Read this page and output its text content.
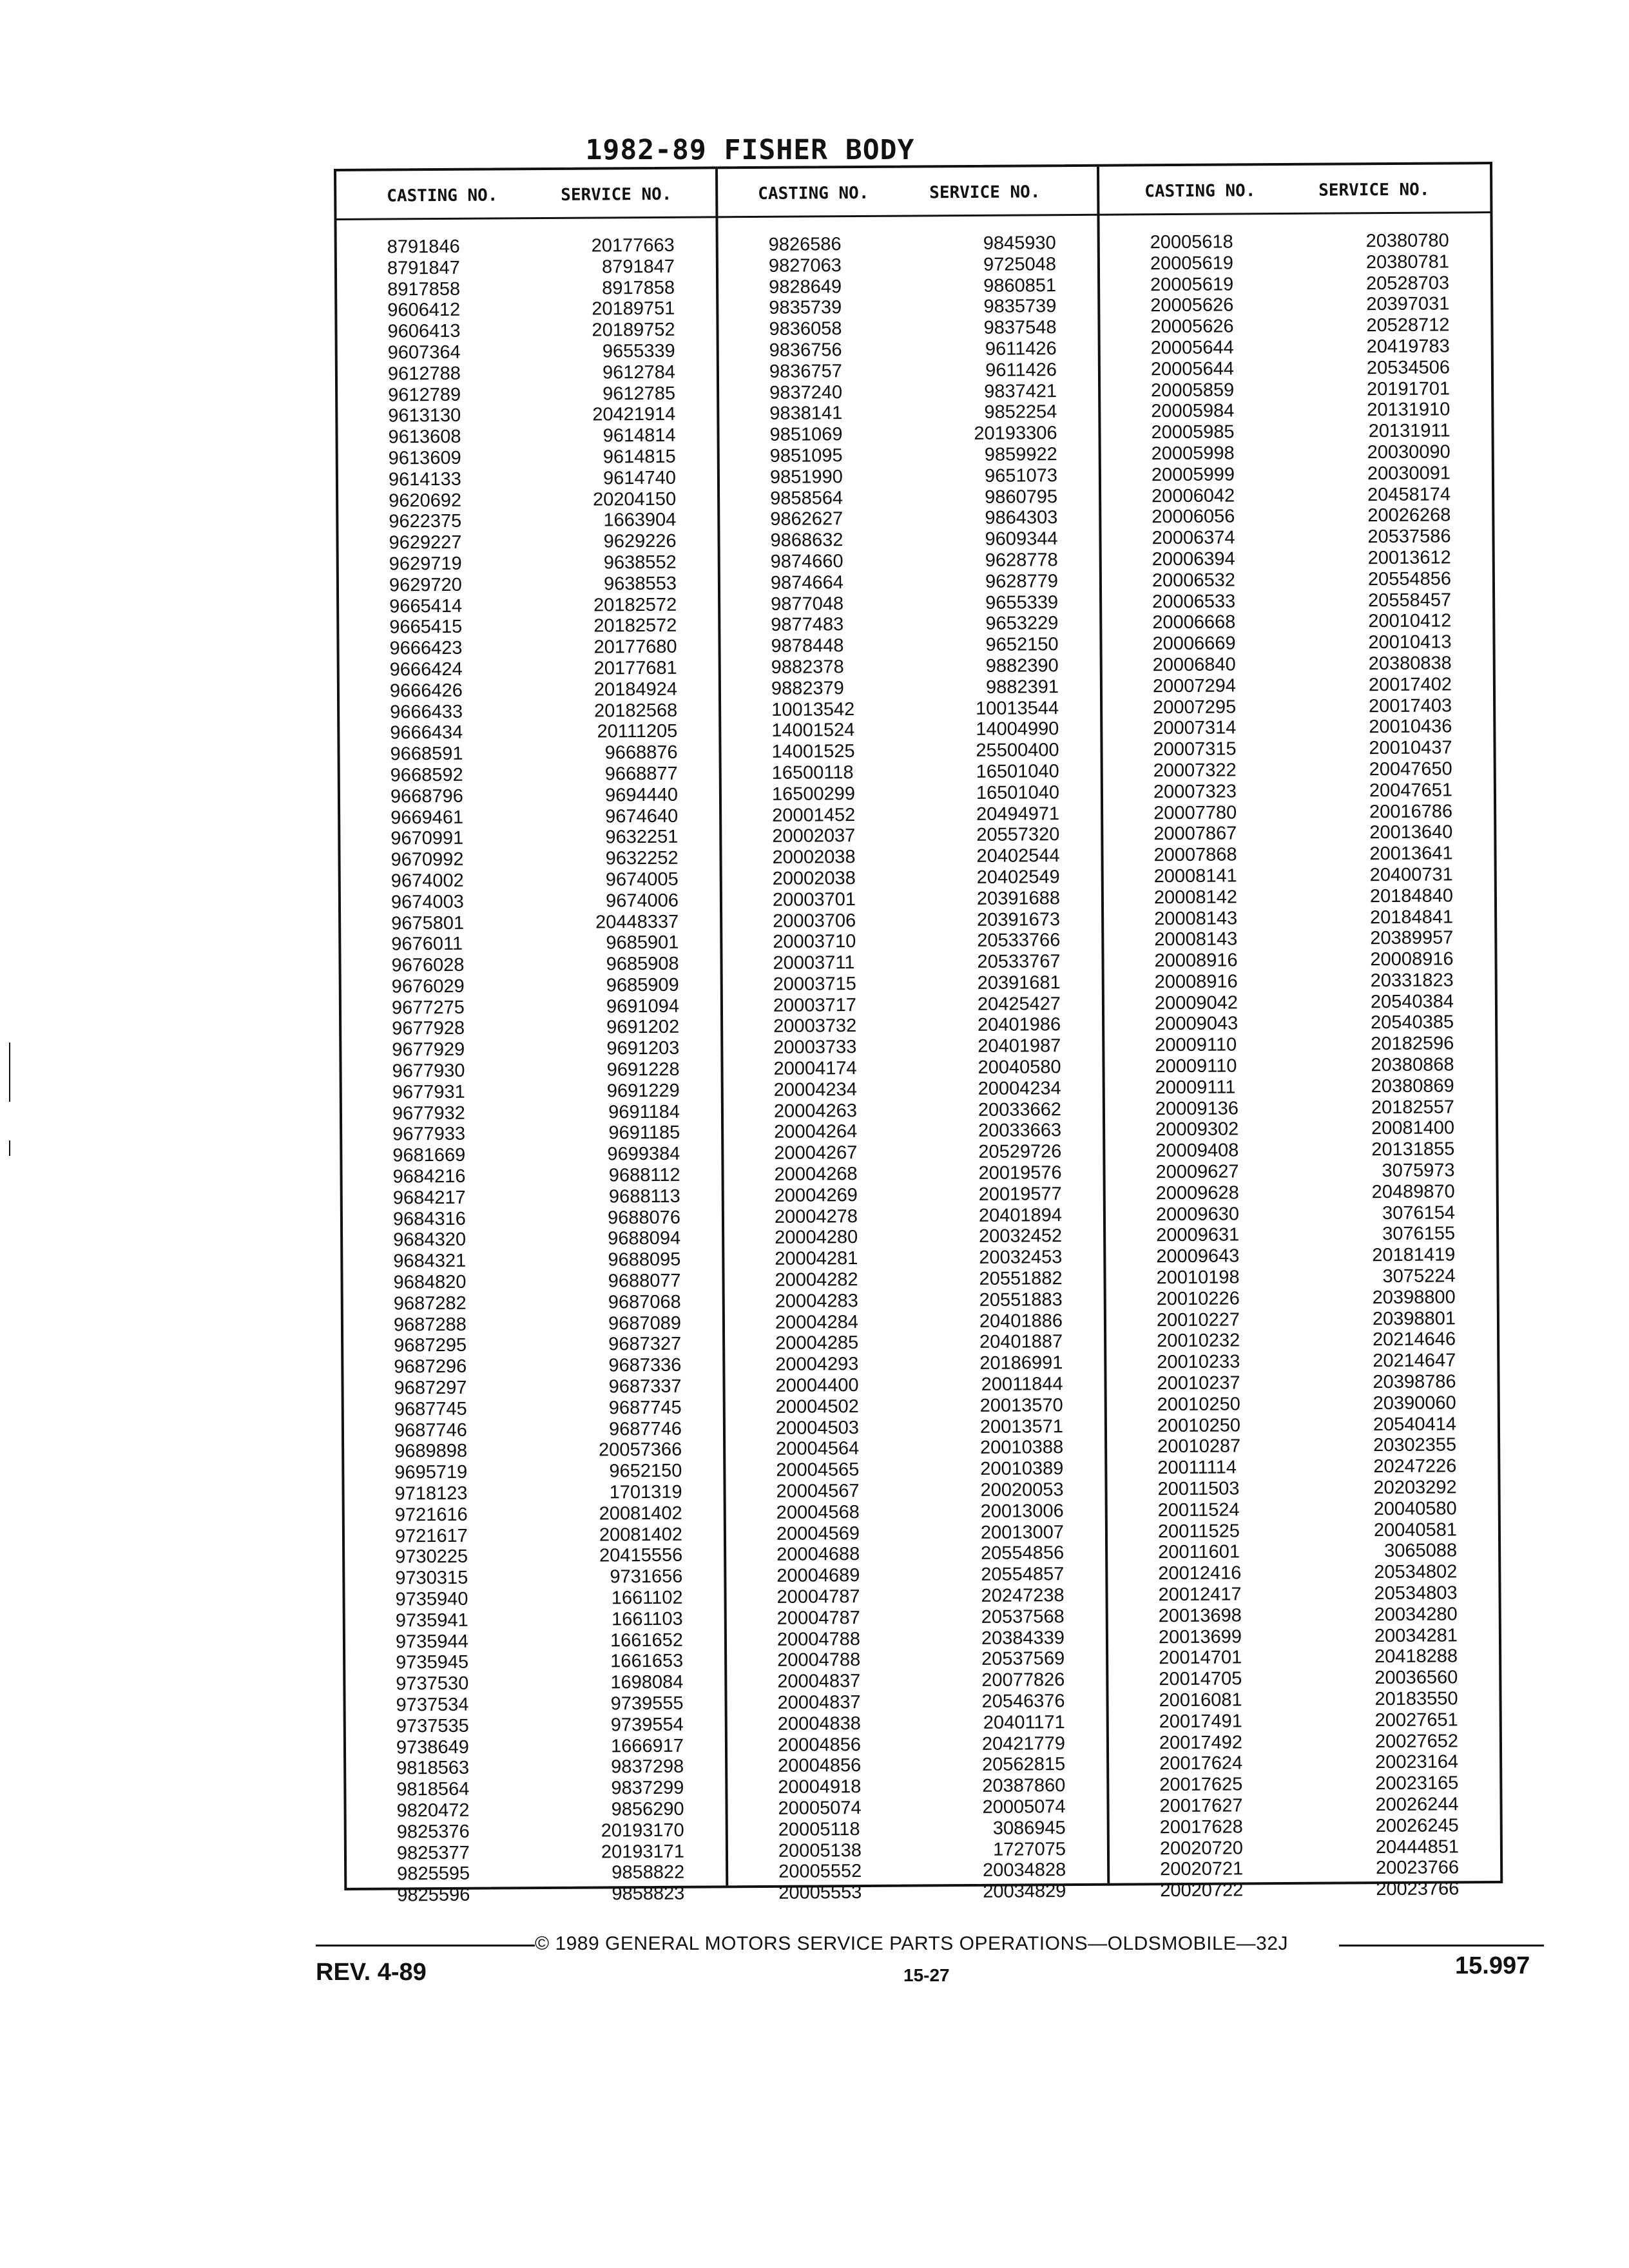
1982-89 FISHER BODY
CASTING NO.	SERVICE NO.
8791846	20177663
8791847	8791847
8917858	8917858
9606412	20189751
9606413	20189752
9607364	9655339
9612788	9612784
9612789	9612785
9613130	20421914
9613608	9614814
9613609	9614815
9614133	9614740
9620692	20204150
9622375	1663904
9629227	9629226
9629719	9638552
9629720	9638553
9665414	20182572
9665415	20182572
9666423	20177680
9666424	20177681
9666426	20184924
9666433	20182568
9666434	20111205
9668591	9668876
9668592	9668877
9668796	9694440
9669461	9674640
9670991	9632251
9670992	9632252
9674002	9674005
9674003	9674006
9675801	20448337
9676011	9685901
9676028	9685908
9676029	9685909
9677275	9691094
9677928	9691202
9677929	9691203
9677930	9691228
9677931	9691229
9677932	9691184
9677933	9691185
9681669	9699384
9684216	9688112
9684217	9688113
9684316	9688076
9684320	9688094
9684321	9688095
9684820	9688077
9687282	9687068
9687288	9687089
9687295	9687327
9687296	9687336
9687297	9687337
9687745	9687745
9687746	9687746
9689898	20057366
9695719	9652150
9718123	1701319
9721616	20081402
9721617	20081402
9730225	20415556
9730315	9731656
9735940	1661102
9735941	1661103
9735944	1661652
9735945	1661653
9737530	1698084
9737534	9739555
9737535	9739554
9738649	1666917
9818563	9837298
9818564	9837299
9820472	9856290
9825376	20193170
9825377	20193171
9825595	9858822
9825596	9858823
CASTING NO.	SERVICE NO.
9826586	9845930
9827063	9725048
9828649	9860851
9835739	9835739
9836058	9837548
9836756	9611426
9836757	9611426
9837240	9837421
9838141	9852254
9851069	20193306
9851095	9859922
9851990	9651073
9858564	9860795
9862627	9864303
9868632	9609344
9874660	9628778
9874664	9628779
9877048	9655339
9877483	9653229
9878448	9652150
9882378	9882390
9882379	9882391
10013542	10013544
14001524	14004990
14001525	25500400
16500118	16501040
16500299	16501040
20001452	20494971
20002037	20557320
20002038	20402544
20002038	20402549
20003701	20391688
20003706	20391673
20003710	20533766
20003711	20533767
20003715	20391681
20003717	20425427
20003732	20401986
20003733	20401987
20004174	20040580
20004234	20004234
20004263	20033662
20004264	20033663
20004267	20529726
20004268	20019576
20004269	20019577
20004278	20401894
20004280	20032452
20004281	20032453
20004282	20551882
20004283	20551883
20004284	20401886
20004285	20401887
20004293	20186991
20004400	20011844
20004502	20013570
20004503	20013571
20004564	20010388
20004565	20010389
20004567	20020053
20004568	20013006
20004569	20013007
20004688	20554856
20004689	20554857
20004787	20247238
20004787	20537568
20004788	20384339
20004788	20537569
20004837	20077826
20004837	20546376
20004838	20401171
20004856	20421779
20004856	20562815
20004918	20387860
20005074	20005074
20005118	3086945
20005138	1727075
20005552	20034828
20005553	20034829
CASTING NO.	SERVICE NO.
20005618	20380780
20005619	20380781
20005619	20528703
20005626	20397031
20005626	20528712
20005644	20419783
20005644	20534506
20005859	20191701
20005984	20131910
20005985	20131911
20005998	20030090
20005999	20030091
20006042	20458174
20006056	20026268
20006374	20537586
20006394	20013612
20006532	20554856
20006533	20558457
20006668	20010412
20006669	20010413
20006840	20380838
20007294	20017402
20007295	20017403
20007314	20010436
20007315	20010437
20007322	20047650
20007323	20047651
20007780	20016786
20007867	20013640
20007868	20013641
20008141	20400731
20008142	20184840
20008143	20184841
20008143	20389957
20008916	20008916
20008916	20331823
20009042	20540384
20009043	20540385
20009110	20182596
20009110	20380868
20009111	20380869
20009136	20182557
20009302	20081400
20009408	20131855
20009627	3075973
20009628	20489870
20009630	3076154
20009631	3076155
20009643	20181419
20010198	3075224
20010226	20398800
20010227	20398801
20010232	20214646
20010233	20214647
20010237	20398786
20010250	20390060
20010250	20540414
20010287	20302355
20011114	20247226
20011503	20203292
20011524	20040580
20011525	20040581
20011601	3065088
20012416	20534802
20012417	20534803
20013698	20034280
20013699	20034281
20014701	20418288
20014705	20036560
20016081	20183550
20017491	20027651
20017492	20027652
20017624	20023164
20017625	20023165
20017627	20026244
20017628	20026245
20020720	20444851
20020721	20023766
20020722	20023766
© 1989 GENERAL MOTORS SERVICE PARTS OPERATIONS—OLDSMOBILE—32J
REV. 4-89	15-27	15.997
